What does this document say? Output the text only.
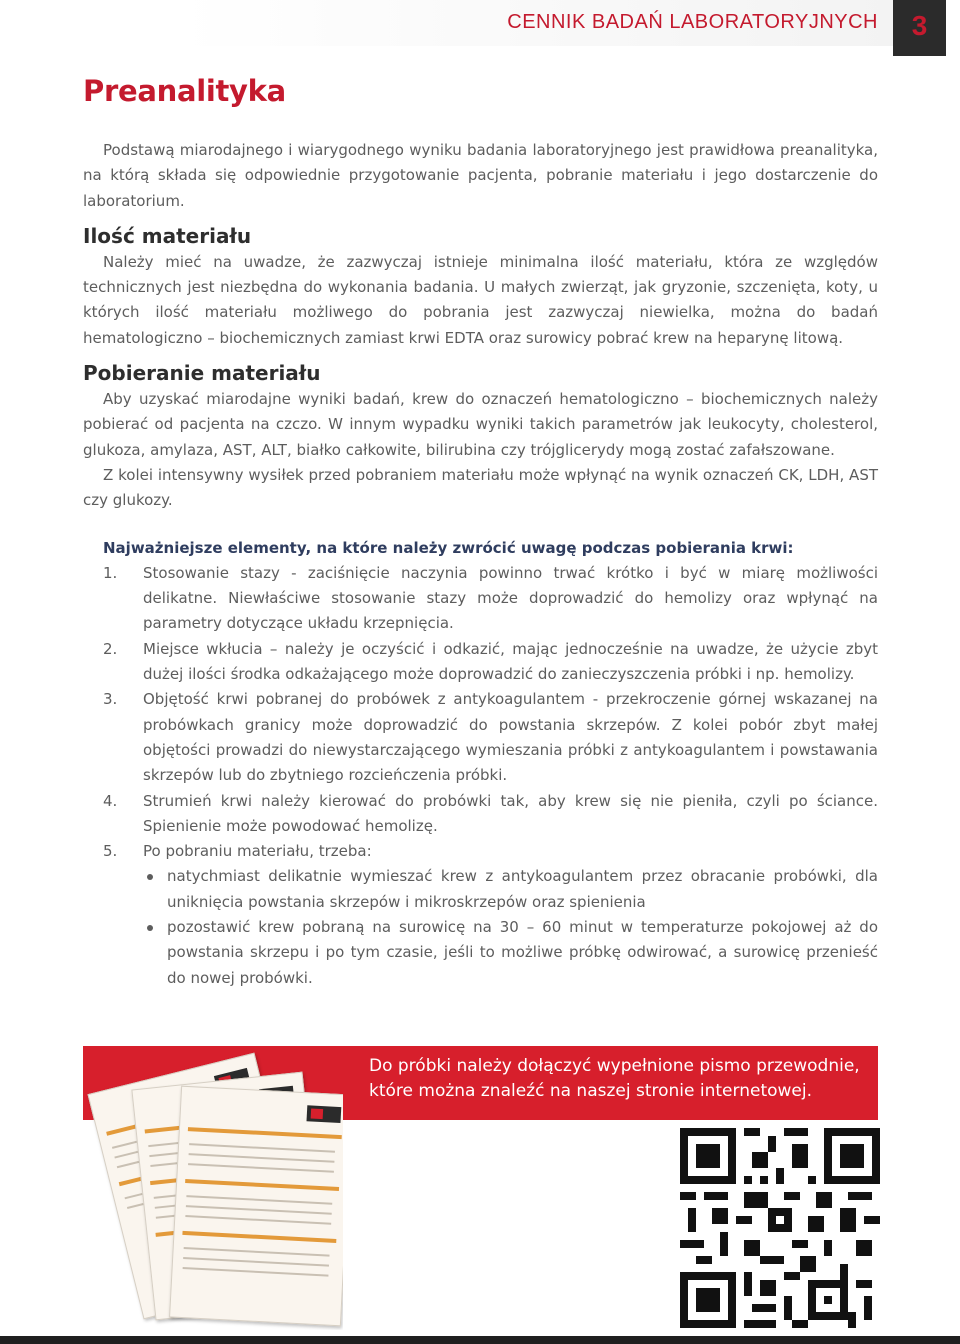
CENNIK BADAŃ LABORATORYJNYCH	3
Preanalityka

Podstawą miarodajnego i wiarygodnego wyniku badania laboratoryjnego jest prawidłowa preanalityka, na którą składa się odpowiednie przygotowanie pacjenta, pobranie materiału i jego dostarczenie do laboratorium.

Ilość materiału

Należy mieć na uwadze, że zazwyczaj istnieje minimalna ilość materiału, która ze względów technicznych jest niezbędna do wykonania badania. U małych zwierząt, jak gryzonie, szczenięta, koty, u których ilość materiału możliwego do pobrania jest zazwyczaj niewielka, można do badań hematologiczno – biochemicznych zamiast krwi EDTA oraz surowicy pobrać krew na heparynę litową.

Pobieranie materiału

Aby uzyskać miarodajne wyniki badań, krew do oznaczeń hematologiczno – biochemicznych należy pobierać od pacjenta na czczo. W innym wypadku wyniki takich parametrów jak leukocyty, cholesterol, glukoza, amylaza, AST, ALT, białko całkowite, bilirubina czy trójglicerydy mogą zostać zafałszowane.

Z kolei intensywny wysiłek przed pobraniem materiału może wpłynąć na wynik oznaczeń CK, LDH, AST czy glukozy.

Najważniejsze elementy, na które należy zwrócić uwagę podczas pobierania krwi:
1. Stosowanie stazy - zaciśnięcie naczynia powinno trwać krótko i być w miarę możliwości delikatne. Niewłaściwe stosowanie stazy może doprowadzić do hemolizy oraz wpłynąć na parametry dotyczące układu krzepnięcia.
2. Miejsce wkłucia – należy je oczyścić i odkazić, mając jednocześnie na uwadze, że użycie zbyt dużej ilości środka odkażającego może doprowadzić do zanieczyszczenia próbki i np. hemolizy.
3. Objętość krwi pobranej do probówek z antykoagulantem - przekroczenie górnej wskazanej na probówkach granicy może doprowadzić do powstania skrzepów. Z kolei pobór zbyt małej objętości prowadzi do niewystarczającego wymieszania próbki z antykoagulantem i powstawania skrzepów lub do zbytniego rozcieńczenia próbki.
4. Strumień krwi należy kierować do probówki tak, aby krew się nie pieniła, czyli po ściance. Spienienie może powodować hemolizę.
5. Po pobraniu materiału, trzeba:
natychmiast delikatnie wymieszać krew z antykoagulantem przez obracanie probówki, dla uniknięcia powstania skrzepów i mikroskrzepów oraz spienienia
pozostawić krew pobraną na surowicę na 30 – 60 minut w temperaturze pokojowej aż do powstania skrzepu i po tym czasie, jeśli to możliwe próbkę odwirować, a surowicę przenieść do nowej probówki.
Do próbki należy dołączyć wypełnione pismo przewodnie, które można znaleźć na naszej stronie internetowej.
